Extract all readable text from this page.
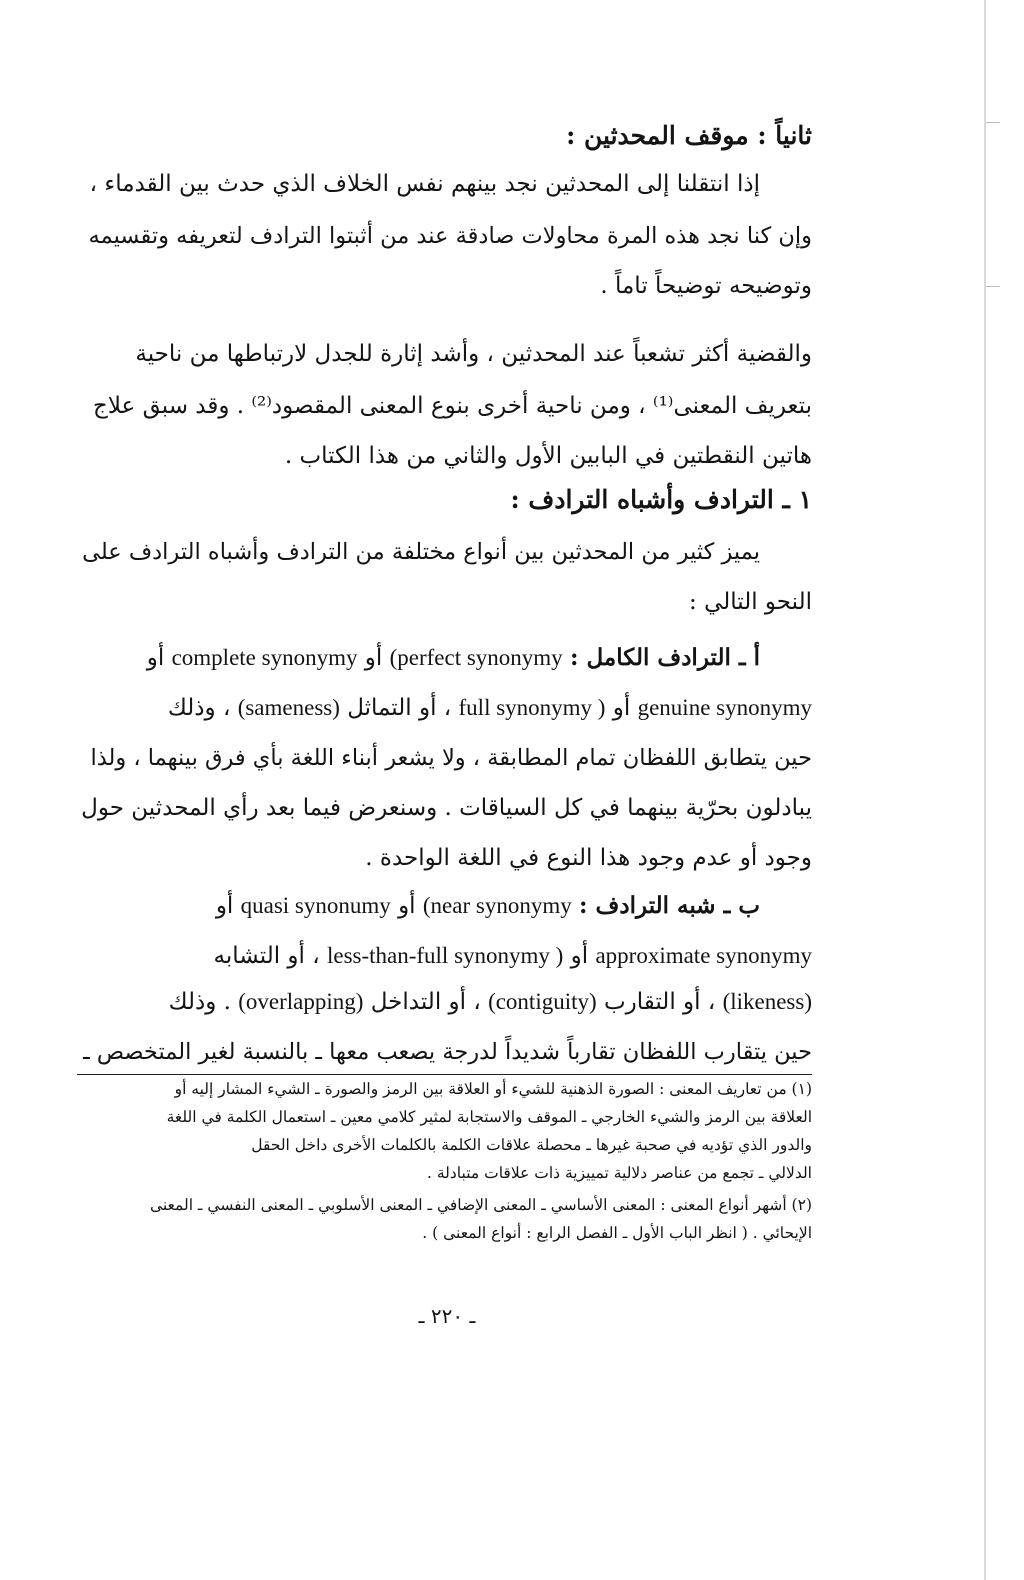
ثانياً : موقف المحدثين :
إذا انتقلنا إلى المحدثين نجد بينهم نفس الخلاف الذي حدث بين القدماء ،
وإن كنا نجد هذه المرة محاولات صادقة عند من أثبتوا الترادف لتعريفه وتقسيمه
وتوضيحه توضيحاً تاماً .
والقضية أكثر تشعباً عند المحدثين ، وأشد إثارة للجدل لارتباطها من ناحية
بتعريف المعنى⁽¹⁾ ، ومن ناحية أخرى بنوع المعنى المقصود⁽²⁾ . وقد سبق علاج
هاتين النقطتين في البابين الأول والثاني من هذا الكتاب .
١ ـ الترادف وأشباه الترادف :
يميز كثير من المحدثين بين أنواع مختلفة من الترادف وأشباه الترادف على
النحو التالي :
أ ـ الترادف الكامل : (perfect synonymy أو complete synonymy أو
genuine synonymy أو full synonymy ) ، أو التماثل (sameness) ، وذلك
حين يتطابق اللفظان تمام المطابقة ، ولا يشعر أبناء اللغة بأي فرق بينهما ، ولذا
يبادلون بحرّية بينهما في كل السياقات . وسنعرض فيما بعد رأي المحدثين حول
وجود أو عدم وجود هذا النوع في اللغة الواحدة .
ب ـ شبه الترادف : (near synonymy أو quasi synonumy أو
approximate synonymy أو less-than-full synonymy ) ، أو التشابه
(likeness) ، أو التقارب (contiguity) ، أو التداخل (overlapping) . وذلك
حين يتقارب اللفظان تقارباً شديداً لدرجة يصعب معها ـ بالنسبة لغير المتخصص ـ
(١) من تعاريف المعنى : الصورة الذهنية للشيء أو العلاقة بين الرمز والصورة ـ الشيء المشار إليه أو
العلاقة بين الرمز والشيء الخارجي ـ الموقف والاستجابة لمثير كلامي معين ـ استعمال الكلمة في اللغة
والدور الذي تؤديه في صحبة غيرها ـ محصلة علاقات الكلمة بالكلمات الأخرى داخل الحقل
الدلالي ـ تجمع من عناصر دلالية تمييزية ذات علاقات متبادلة .
(٢) أشهر أنواع المعنى : المعنى الأساسي ـ المعنى الإضافي ـ المعنى الأسلوبي ـ المعنى النفسي ـ المعنى
الإيحائي . ( انظر الباب الأول ـ الفصل الرابع : أنواع المعنى ) .
ـ ٢٢٠ ـ
